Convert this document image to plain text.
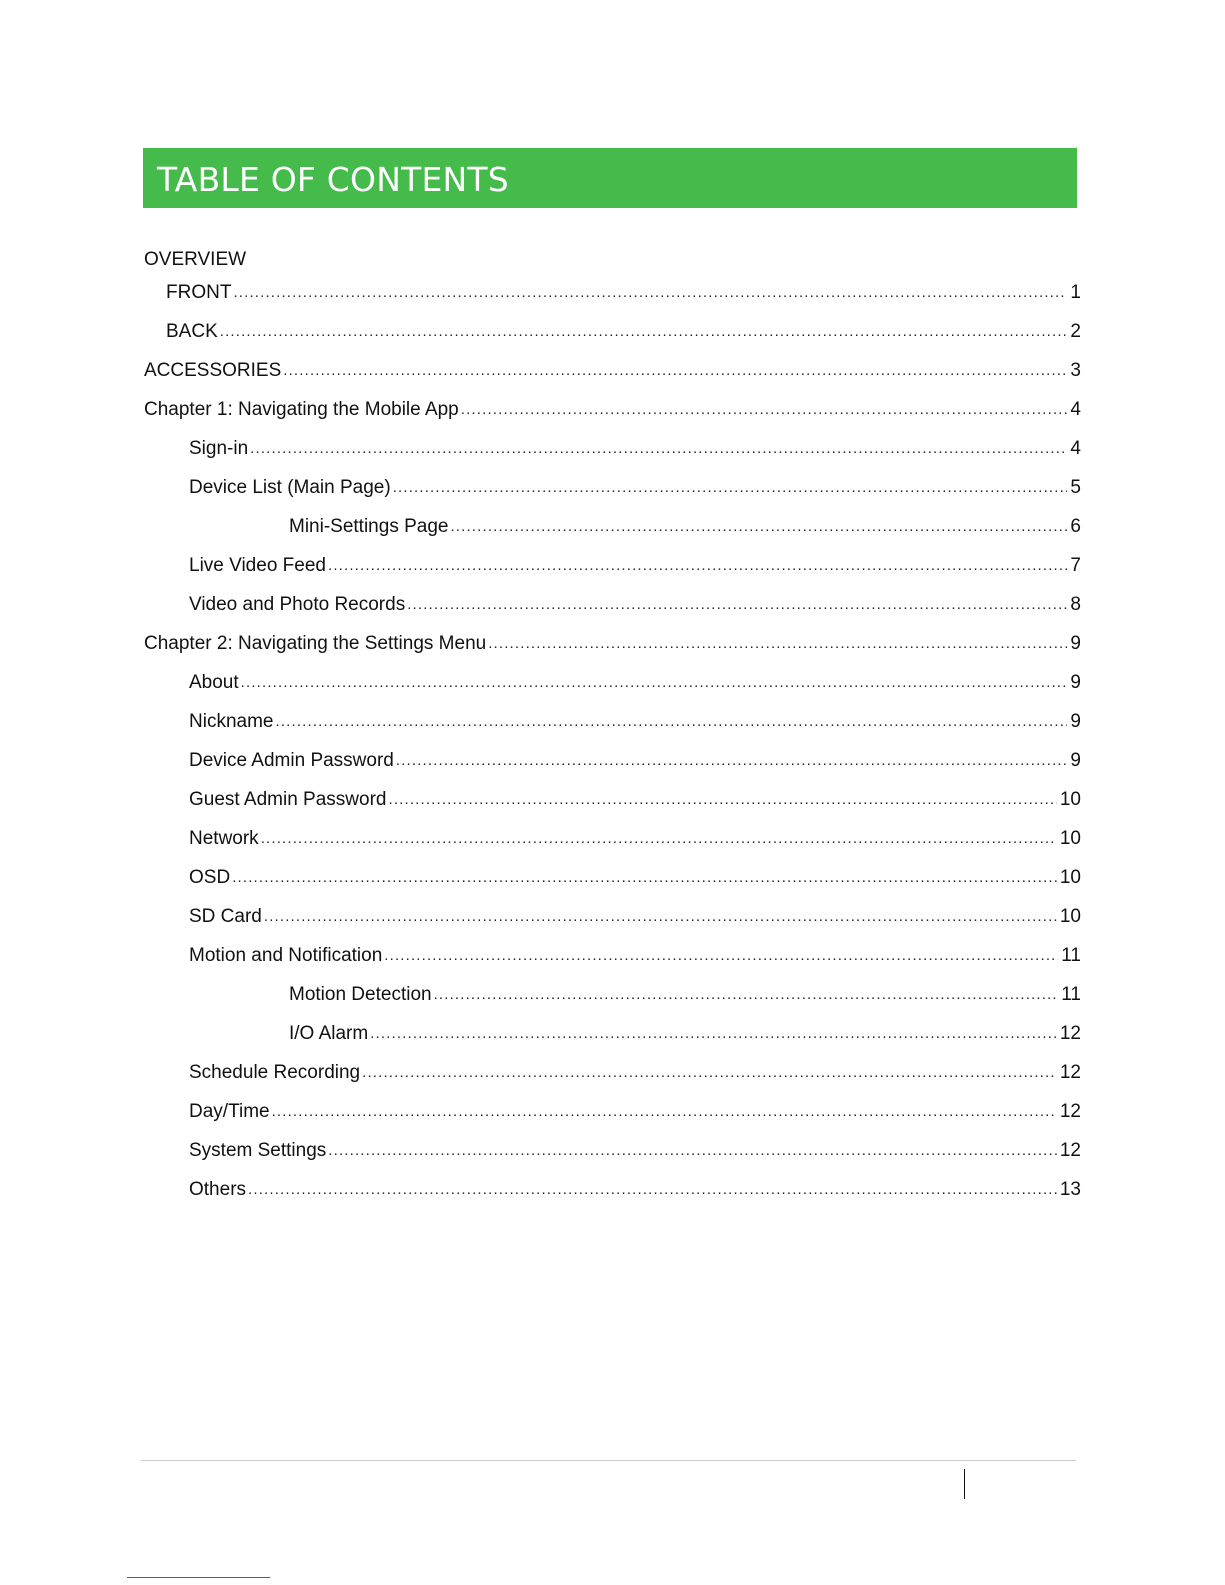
TABLE OF CONTENTS
OVERVIEW
FRONT . . .	1
BACK . . .	2
ACCESSORIES . . .	3
Chapter 1: Navigating the Mobile App . . .	4
Sign-in . . .	4
Device List (Main Page) . . .	5
Mini-Settings Page . . .	6
Live Video Feed . . .	7
Video and Photo Records . . .	8
Chapter 2: Navigating the Settings Menu . . .	9
About . . .	9
Nickname . . .	9
Device Admin Password . . .	9
Guest Admin Password . . .	10
Network . . .	10
OSD . . .	10
SD Card . . .	10
Motion and Notification . . .	11
Motion Detection . . .	11
I/O Alarm . . .	12
Schedule Recording . . .	12
Day/Time . . .	12
System Settings . . .	12
Others . . .	13
